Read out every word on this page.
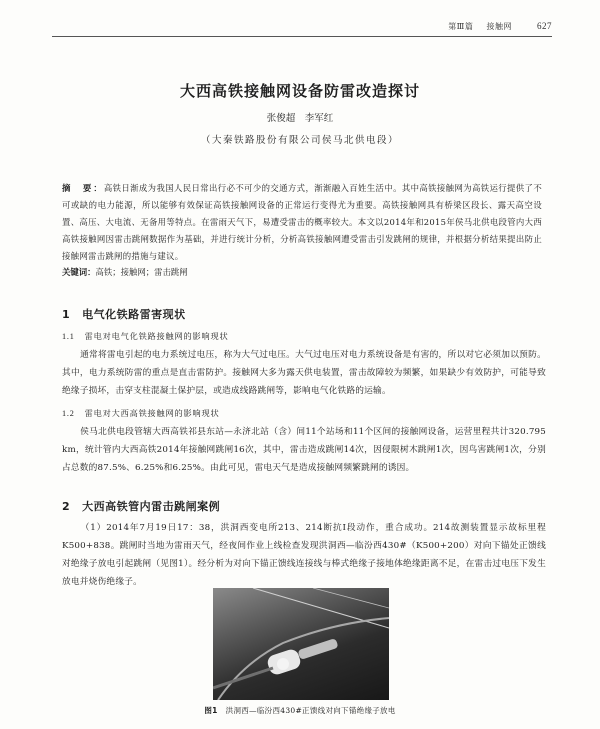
第Ⅲ篇 接触网	627
大西高铁接触网设备防雷改造探讨
张俊超　李军红
（大秦铁路股份有限公司侯马北供电段）
摘　要：高铁日渐成为我国人民日常出行必不可少的交通方式，渐渐融入百姓生活中。其中高铁接触网为高铁运行提供了不可或缺的电力能源，所以能够有效保证高铁接触网设备的正常运行变得尤为重要。高铁接触网具有桥梁区段长、露天高空设置、高压、大电流、无备用等特点。在雷雨天气下，易遭受雷击的概率较大。本文以2014年和2015年侯马北供电段管内大西高铁接触网因雷击跳闸数据作为基础，并进行统计分析，分析高铁接触网遭受雷击引发跳闸的规律，并根据分析结果提出防止接触网雷击跳闸的措施与建议。
关键词：高铁；接触网；雷击跳闸
1 电气化铁路雷害现状
1.1 雷电对电气化铁路接触网的影响现状
通常将雷电引起的电力系统过电压，称为大气过电压。大气过电压对电力系统设备是有害的，所以对它必须加以预防。其中，电力系统防雷的重点是直击雷防护。接触网大多为露天供电装置，雷击故障较为频繁，如果缺少有效防护，可能导致绝缘子损坏，击穿支柱混凝土保护层，或造成线路跳闸等，影响电气化铁路的运输。
1.2 雷电对大西高铁接触网的影响现状
侯马北供电段管辖大西高铁祁县东站—永济北站（含）间11个站场和11个区间的接触网设备，运营里程共计320.795 km，统计管内大西高铁2014年接触网跳闸16次，其中，雷击造成跳闸14次，因侵限树木跳闸1次，因鸟害跳闸1次，分别占总数的87.5%、6.25%和6.25%。由此可见，雷电天气是造成接触网频繁跳闸的诱因。
2 大西高铁管内雷击跳闸案例
（1）2014年7月19日17：38，洪洞西变电所213、214断抗Ⅰ段动作，重合成功。214故测装置显示故标里程K500+838。跳闸时当地为雷雨天气，经夜间作业上线检查发现洪洞西—临汾西430#（K500+200）对向下锚处正馈线对绝缘子放电引起跳闸（见图1）。经分析为对向下锚正馈线连接线与棒式绝缘子接地体绝缘距离不足，在雷击过电压下发生放电并烧伤绝缘子。
图1 洪洞西—临汾西430#正馈线对向下锚绝缘子放电
